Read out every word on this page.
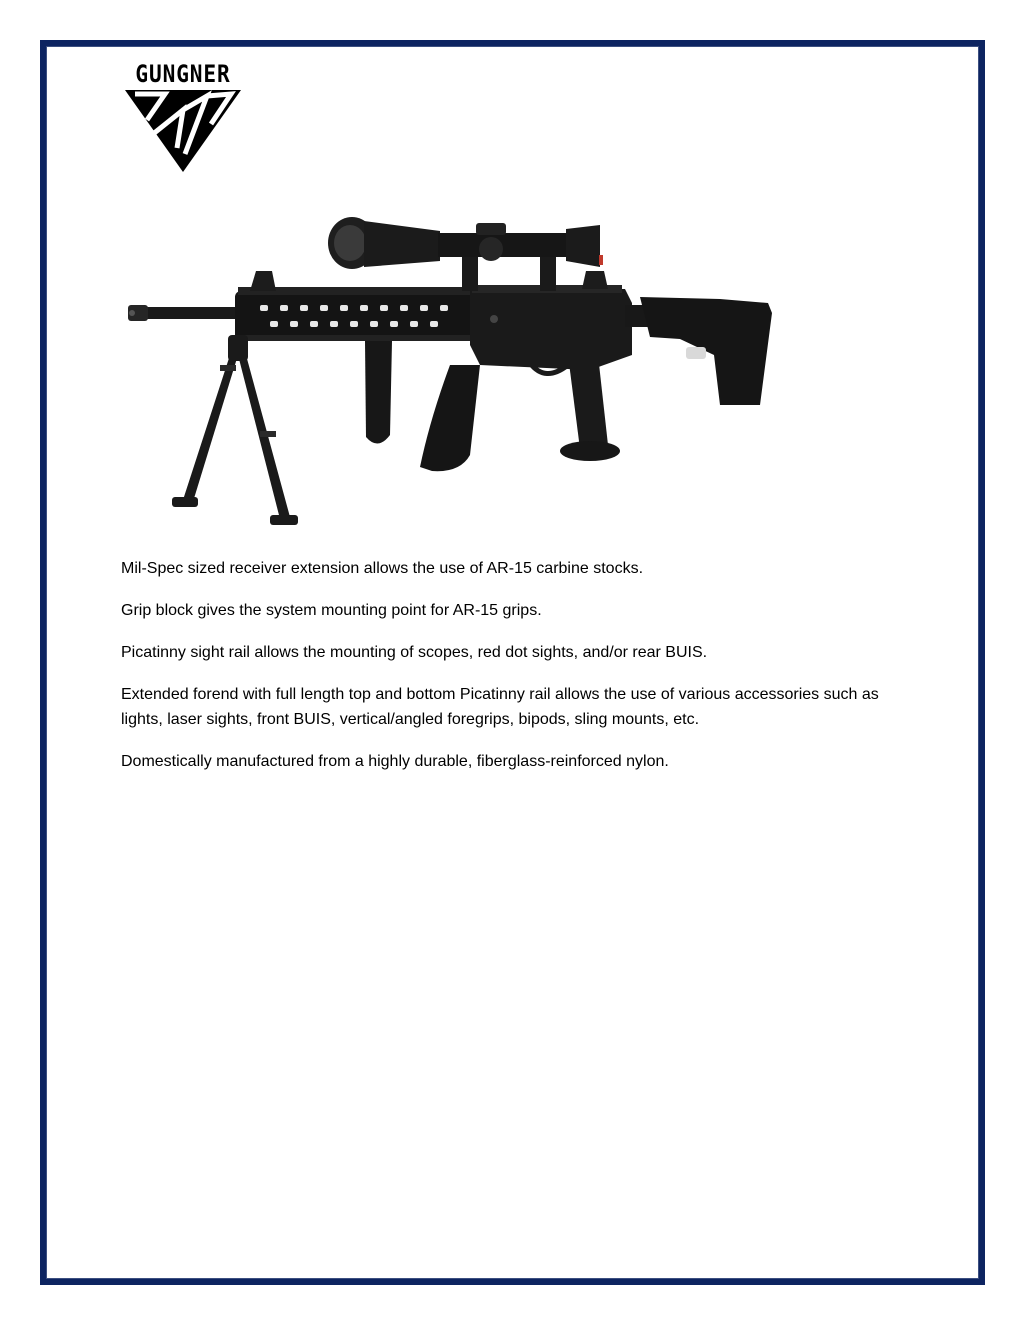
GUNGNER

Mil-Spec sized receiver extension allows the use of AR-15 carbine stocks.

Grip block gives the system mounting point for AR-15 grips.

Picatinny sight rail allows the mounting of scopes, red dot sights, and/or rear BUIS.

Extended forend with full length top and bottom Picatinny rail allows the use of various accessories such as lights, laser sights, front BUIS, vertical/angled foregrips, bipods, sling mounts, etc.

Domestically manufactured from a highly durable, fiberglass-reinforced nylon.
